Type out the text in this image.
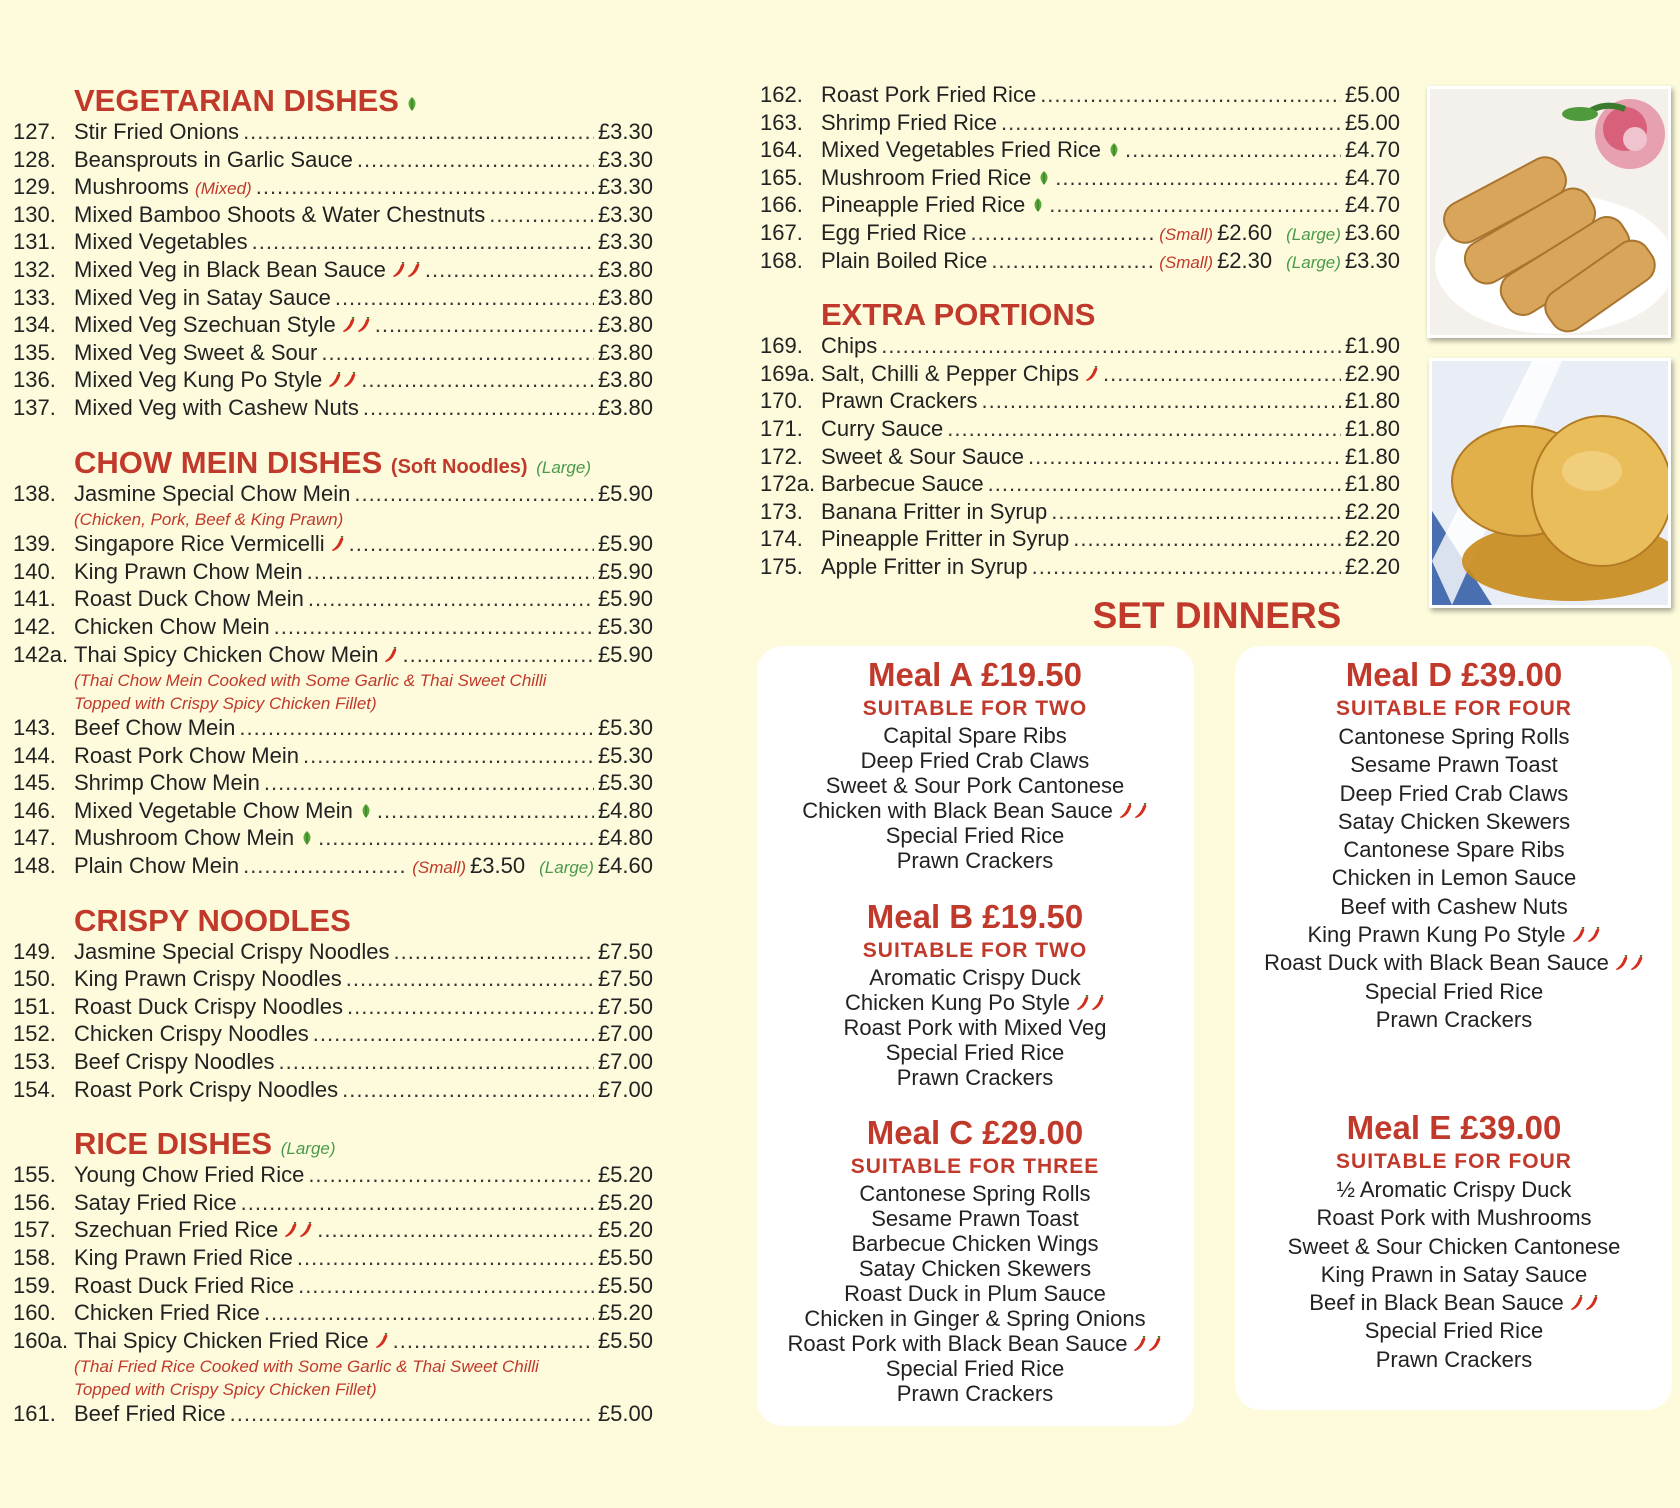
VEGETARIAN DISHES
127. Stir Fried Onions .....	£3.30
128. Beansprouts in Garlic Sauce .....	£3.30
129. Mushrooms (Mixed) .....	£3.30
130. Mixed Bamboo Shoots & Water Chestnuts .....	£3.30
131. Mixed Vegetables .....	£3.30
132. Mixed Veg in Black Bean Sauce .....	£3.80
133. Mixed Veg in Satay Sauce .....	£3.80
134. Mixed Veg Szechuan Style .....	£3.80
135. Mixed Veg Sweet & Sour .....	£3.80
136. Mixed Veg Kung Po Style .....	£3.80
137. Mixed Veg with Cashew Nuts .....	£3.80
CHOW MEIN DISHES (Soft Noodles) (Large)
138. Jasmine Special Chow Mein .....	£5.90
(Chicken, Pork, Beef & King Prawn)
139. Singapore Rice Vermicelli .....	£5.90
140. King Prawn Chow Mein .....	£5.90
141. Roast Duck Chow Mein .....	£5.90
142. Chicken Chow Mein .....	£5.30
142a. Thai Spicy Chicken Chow Mein .....	£5.90
(Thai Chow Mein Cooked with Some Garlic & Thai Sweet Chilli
Topped with Crispy Spicy Chicken Fillet)
143. Beef Chow Mein .....	£5.30
144. Roast Pork Chow Mein .....	£5.30
145. Shrimp Chow Mein .....	£5.30
146. Mixed Vegetable Chow Mein .....	£4.80
147. Mushroom Chow Mein .....	£4.80
148. Plain Chow Mein .....	(Small) £3.50 (Large) £4.60
CRISPY NOODLES
149. Jasmine Special Crispy Noodles .....	£7.50
150. King Prawn Crispy Noodles .....	£7.50
151. Roast Duck Crispy Noodles .....	£7.50
152. Chicken Crispy Noodles .....	£7.00
153. Beef Crispy Noodles .....	£7.00
154. Roast Pork Crispy Noodles .....	£7.00
RICE DISHES (Large)
155. Young Chow Fried Rice .....	£5.20
156. Satay Fried Rice .....	£5.20
157. Szechuan Fried Rice .....	£5.20
158. King Prawn Fried Rice .....	£5.50
159. Roast Duck Fried Rice .....	£5.50
160. Chicken Fried Rice .....	£5.20
160a. Thai Spicy Chicken Fried Rice .....	£5.50
(Thai Fried Rice Cooked with Some Garlic & Thai Sweet Chilli
Topped with Crispy Spicy Chicken Fillet)
161. Beef Fried Rice .....	£5.00
162. Roast Pork Fried Rice .....	£5.00
163. Shrimp Fried Rice .....	£5.00
164. Mixed Vegetables Fried Rice .....	£4.70
165. Mushroom Fried Rice .....	£4.70
166. Pineapple Fried Rice .....	£4.70
167. Egg Fried Rice .....	(Small) £2.60 (Large) £3.60
168. Plain Boiled Rice .....	(Small) £2.30 (Large) £3.30
EXTRA PORTIONS
169. Chips .....	£1.90
169a. Salt, Chilli & Pepper Chips .....	£2.90
170. Prawn Crackers .....	£1.80
171. Curry Sauce .....	£1.80
172. Sweet & Sour Sauce .....	£1.80
172a. Barbecue Sauce .....	£1.80
173. Banana Fritter in Syrup .....	£2.20
174. Pineapple Fritter in Syrup .....	£2.20
175. Apple Fritter in Syrup .....	£2.20
SET DINNERS
Meal A £19.50
SUITABLE FOR TWO
Capital Spare Ribs
Deep Fried Crab Claws
Sweet & Sour Pork Cantonese
Chicken with Black Bean Sauce
Special Fried Rice
Prawn Crackers
Meal B £19.50
SUITABLE FOR TWO
Aromatic Crispy Duck
Chicken Kung Po Style
Roast Pork with Mixed Veg
Special Fried Rice
Prawn Crackers
Meal C £29.00
SUITABLE FOR THREE
Cantonese Spring Rolls
Sesame Prawn Toast
Barbecue Chicken Wings
Satay Chicken Skewers
Roast Duck in Plum Sauce
Chicken in Ginger & Spring Onions
Roast Pork with Black Bean Sauce
Special Fried Rice
Prawn Crackers
Meal D £39.00
SUITABLE FOR FOUR
Cantonese Spring Rolls
Sesame Prawn Toast
Deep Fried Crab Claws
Satay Chicken Skewers
Cantonese Spare Ribs
Chicken in Lemon Sauce
Beef with Cashew Nuts
King Prawn Kung Po Style
Roast Duck with Black Bean Sauce
Special Fried Rice
Prawn Crackers
Meal E £39.00
SUITABLE FOR FOUR
½ Aromatic Crispy Duck
Roast Pork with Mushrooms
Sweet & Sour Chicken Cantonese
King Prawn in Satay Sauce
Beef in Black Bean Sauce
Special Fried Rice
Prawn Crackers
